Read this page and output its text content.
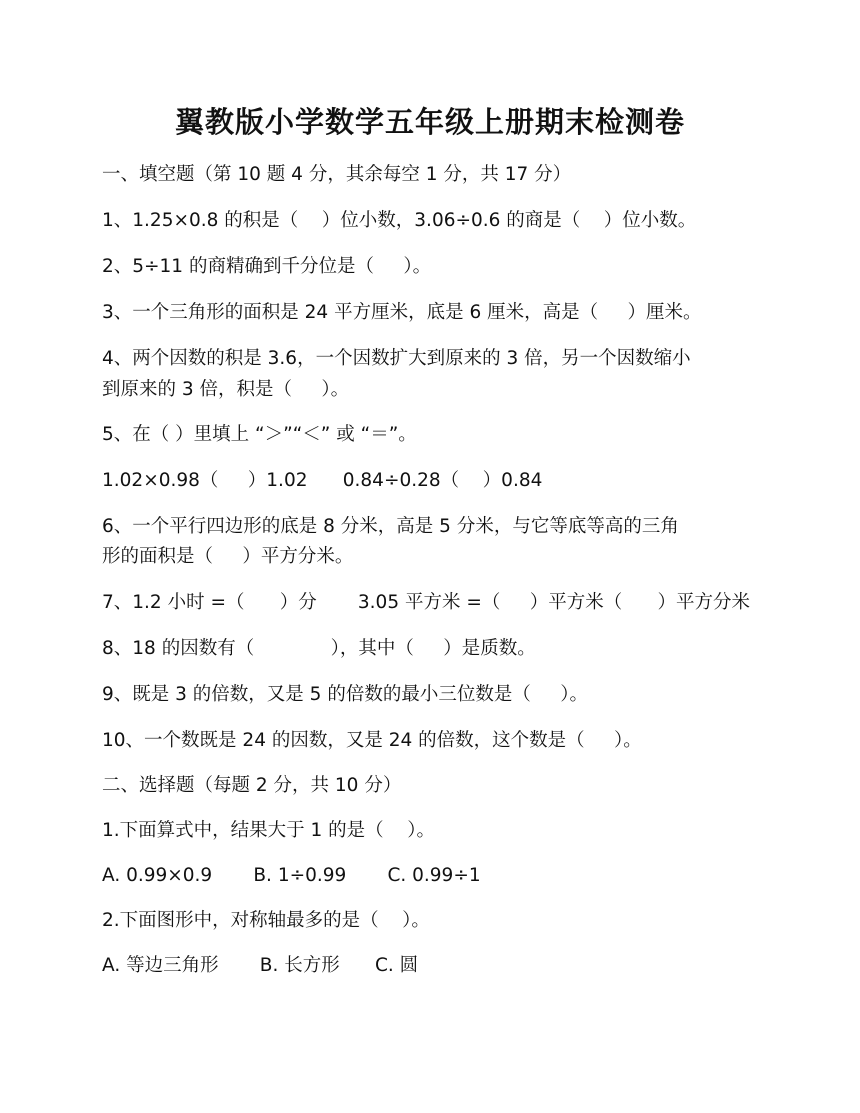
翼教版小学数学五年级上册期末检测卷
一、填空题（第 10 题 4 分，其余每空 1 分，共 17 分）
1、1.25×0.8 的积是（    ）位小数，3.06÷0.6 的商是（    ）位小数。
2、5÷11 的商精确到千分位是（     ）。
3、一个三角形的面积是 24 平方厘米，底是 6 厘米，高是（     ）厘米。
4、两个因数的积是 3.6，一个因数扩大到原来的 3 倍，另一个因数缩小
到原来的 3 倍，积是（     ）。
5、在（ ）里填上 “＞”“＜” 或 “＝”。
1.02×0.98（     ）1.02      0.84÷0.28（    ）0.84
6、一个平行四边形的底是 8 分米，高是 5 分米，与它等底等高的三角
形的面积是（     ）平方分米。
7、1.2 小时 =（      ）分       3.05 平方米 =（     ）平方米（      ）平方分米
8、18 的因数有（             ），其中（     ）是质数。
9、既是 3 的倍数，又是 5 的倍数的最小三位数是（     ）。
10、一个数既是 24 的因数，又是 24 的倍数，这个数是（     ）。
二、选择题（每题 2 分，共 10 分）
1.下面算式中，结果大于 1 的是（    ）。
A. 0.99×0.9       B. 1÷0.99       C. 0.99÷1
2.下面图形中，对称轴最多的是（    ）。
A. 等边三角形       B. 长方形      C. 圆
